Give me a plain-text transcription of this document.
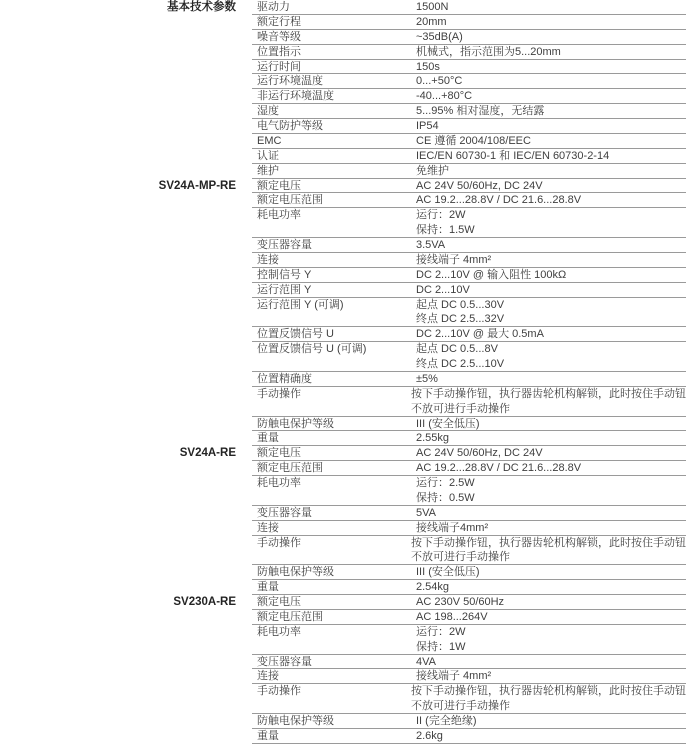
基本技术参数	驱动力	1500N
额定行程	20mm
噪音等级	~35dB(A)
位置指示	机械式，指示范围为5...20mm
运行时间	150s
运行环境温度	0...+50°C
非运行环境温度	-40...+80°C
湿度	5...95% 相对湿度，无结露
电气防护等级	IP54
EMC	CE 遵循 2004/108/EEC
认证	IEC/EN 60730-1 和 IEC/EN 60730-2-14
维护	免维护
SV24A-MP-RE	额定电压	AC 24V 50/60Hz, DC 24V
额定电压范围	AC 19.2...28.8V / DC 21.6...28.8V
耗电功率	运行：2W
保持：1.5W
变压器容量	3.5VA
连接	接线端子 4mm²
控制信号 Y	DC 2...10V @ 输入阻性 100kΩ
运行范围 Y	DC 2...10V
运行范围 Y (可调)	起点 DC 0.5...30V
终点 DC 2.5...32V
位置反馈信号 U	DC 2...10V @ 最大 0.5mA
位置反馈信号 U (可调)	起点 DC 0.5...8V
终点 DC 2.5...10V
位置精确度	±5%
手动操作	按下手动操作钮，执行器齿轮机构解锁，此时按住手动钮
不放可进行手动操作
防触电保护等级	III (安全低压)
重量	2.55kg
SV24A-RE	额定电压	AC 24V 50/60Hz, DC 24V
额定电压范围	AC 19.2...28.8V / DC 21.6...28.8V
耗电功率	运行：2.5W
保持：0.5W
变压器容量	5VA
连接	接线端子4mm²
手动操作	按下手动操作钮，执行器齿轮机构解锁，此时按住手动钮
不放可进行手动操作
防触电保护等级	III (安全低压)
重量	2.54kg
SV230A-RE	额定电压	AC 230V 50/60Hz
额定电压范围	AC 198...264V
耗电功率	运行：2W
保持：1W
变压器容量	4VA
连接	接线端子 4mm²
手动操作	按下手动操作钮，执行器齿轮机构解锁，此时按住手动钮
不放可进行手动操作
防触电保护等级	II (完全绝缘)
重量	2.6kg
